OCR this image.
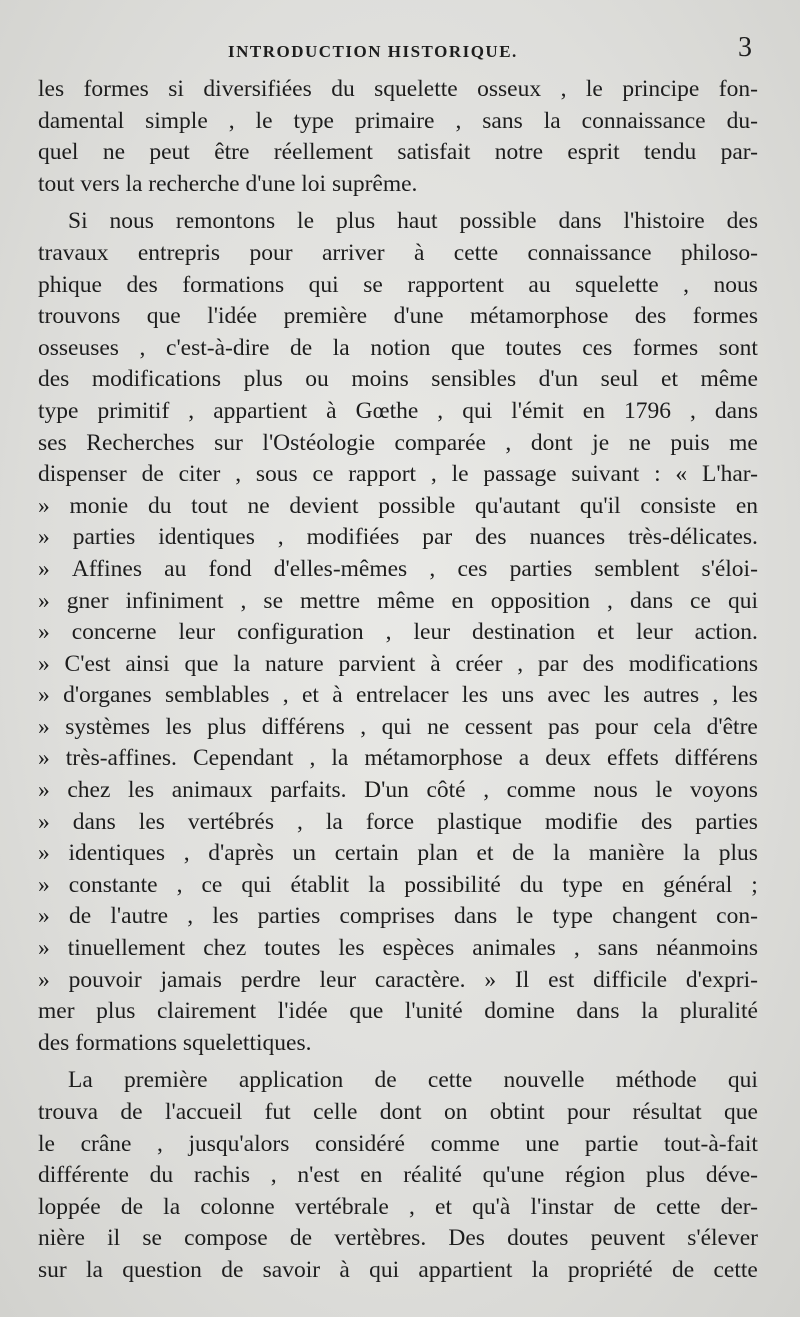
INTRODUCTION HISTORIQUE.	3
les formes si diversifiées du squelette osseux , le principe fon-
damental simple , le type primaire , sans la connaissance du-
quel ne peut être réellement satisfait notre esprit tendu par-
tout vers la recherche d'une loi suprême.
Si nous remontons le plus haut possible dans l'histoire des
travaux entrepris pour arriver à cette connaissance philoso-
phique des formations qui se rapportent au squelette , nous
trouvons que l'idée première d'une métamorphose des formes
osseuses , c'est-à-dire de la notion que toutes ces formes sont
des modifications plus ou moins sensibles d'un seul et même
type primitif , appartient à Gœthe , qui l'émit en 1796 , dans
ses Recherches sur l'Ostéologie comparée , dont je ne puis me
dispenser de citer , sous ce rapport , le passage suivant : « L'har-
» monie du tout ne devient possible qu'autant qu'il consiste en
» parties identiques , modifiées par des nuances très-délicates.
» Affines au fond d'elles-mêmes , ces parties semblent s'éloi-
» gner infiniment , se mettre même en opposition , dans ce qui
» concerne leur configuration , leur destination et leur action.
» C'est ainsi que la nature parvient à créer , par des modifications
» d'organes semblables , et à entrelacer les uns avec les autres , les
» systèmes les plus différens , qui ne cessent pas pour cela d'être
» très-affines. Cependant , la métamorphose a deux effets différens
» chez les animaux parfaits. D'un côté , comme nous le voyons
» dans les vertébrés , la force plastique modifie des parties
» identiques , d'après un certain plan et de la manière la plus
» constante , ce qui établit la possibilité du type en général ;
» de l'autre , les parties comprises dans le type changent con-
» tinuellement chez toutes les espèces animales , sans néanmoins
» pouvoir jamais perdre leur caractère. » Il est difficile d'expri-
mer plus clairement l'idée que l'unité domine dans la pluralité
des formations squelettiques.
La première application de cette nouvelle méthode qui
trouva de l'accueil fut celle dont on obtint pour résultat que
le crâne , jusqu'alors considéré comme une partie tout-à-fait
différente du rachis , n'est en réalité qu'une région plus déve-
loppée de la colonne vertébrale , et qu'à l'instar de cette der-
nière il se compose de vertèbres. Des doutes peuvent s'élever
sur la question de savoir à qui appartient la propriété de cette
